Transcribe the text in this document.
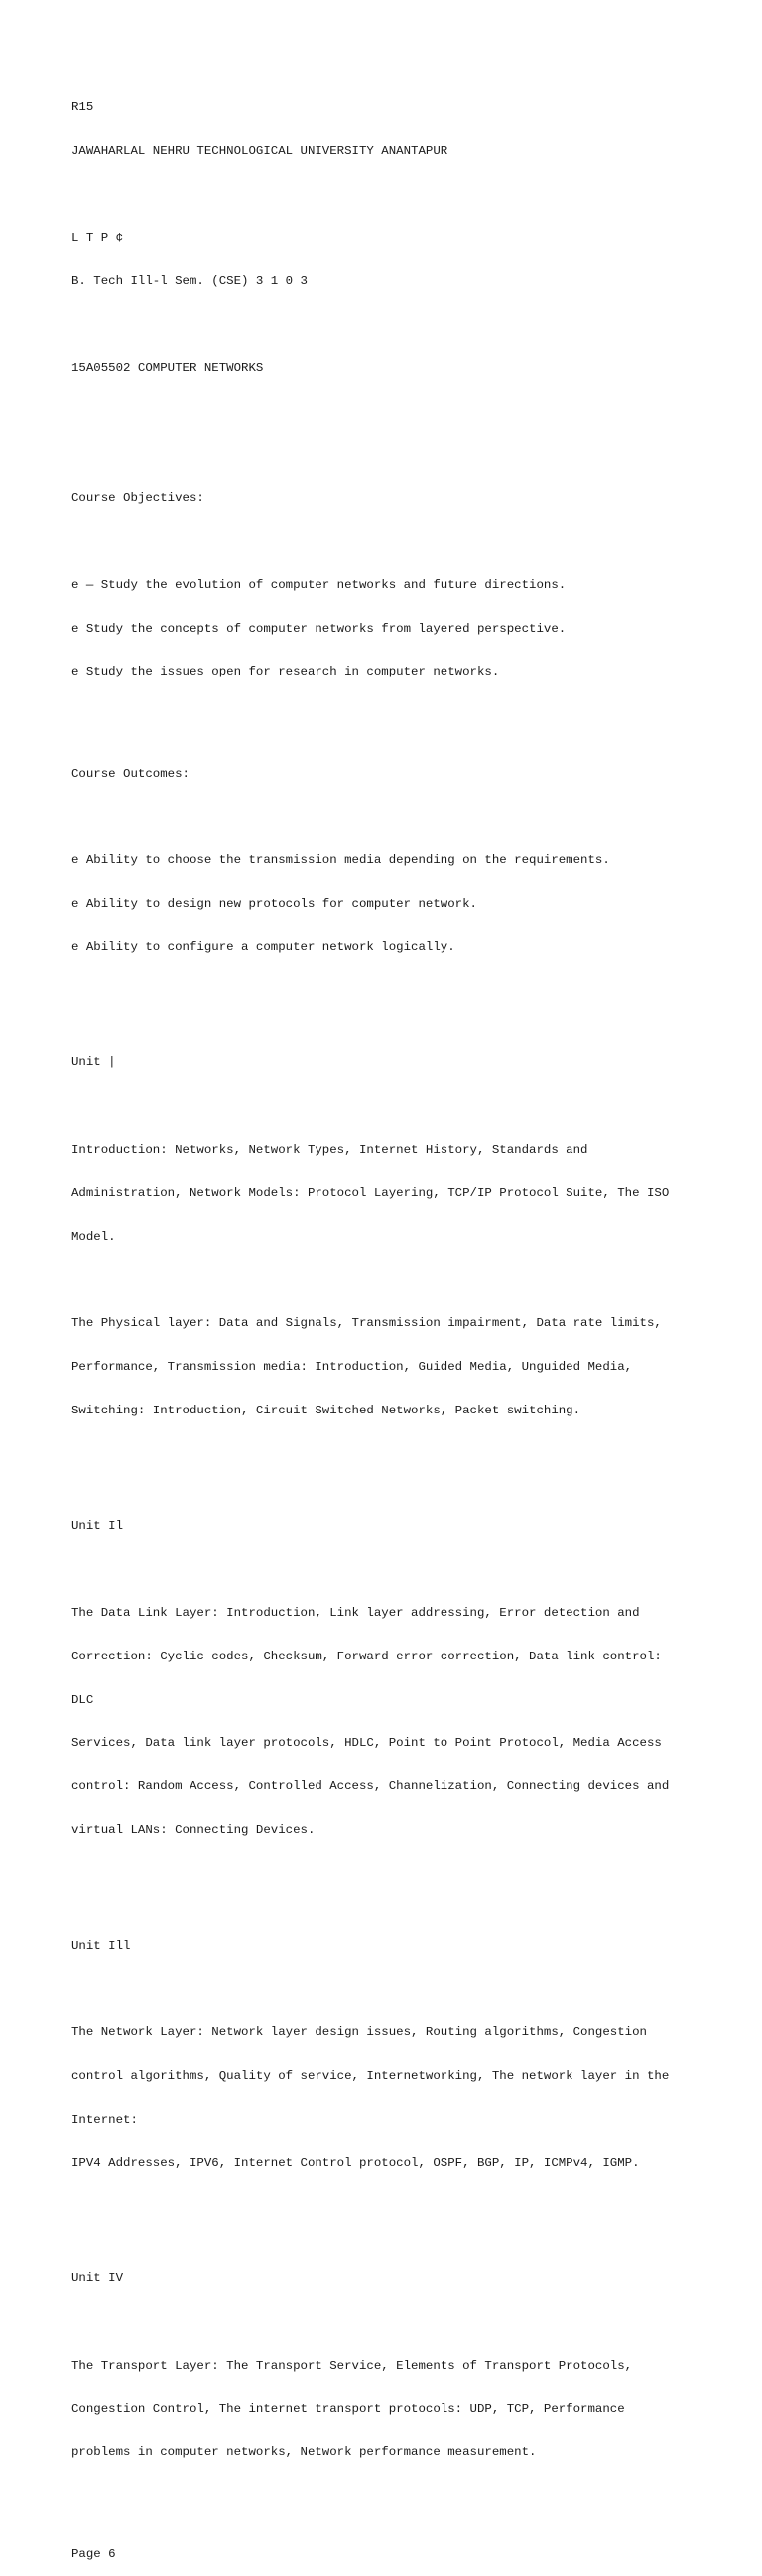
R15

JAWAHARLAL NEHRU TECHNOLOGICAL UNIVERSITY ANANTAPUR

L T P ¢

B. Tech Ill-l Sem. (CSE) 3 1 0 3

15A05502 COMPUTER NETWORKS

Course Objectives:

e — Study the evolution of computer networks and future directions.

e Study the concepts of computer networks from layered perspective.

e Study the issues open for research in computer networks.

Course Outcomes:

e Ability to choose the transmission media depending on the requirements.

e Ability to design new protocols for computer network.

e Ability to configure a computer network logically.

Unit |

Introduction: Networks, Network Types, Internet History, Standards and

Administration, Network Models: Protocol Layering, TCP/IP Protocol Suite, The ISO

Model.

The Physical layer: Data and Signals, Transmission impairment, Data rate limits,

Performance, Transmission media: Introduction, Guided Media, Unguided Media,

Switching: Introduction, Circuit Switched Networks, Packet switching.

Unit Il

The Data Link Layer: Introduction, Link layer addressing, Error detection and

Correction: Cyclic codes, Checksum, Forward error correction, Data link control:

DLC

Services, Data link layer protocols, HDLC, Point to Point Protocol, Media Access

control: Random Access, Controlled Access, Channelization, Connecting devices and

virtual LANs: Connecting Devices.

Unit Ill

The Network Layer: Network layer design issues, Routing algorithms, Congestion

control algorithms, Quality of service, Internetworking, The network layer in the

Internet:

IPV4 Addresses, IPV6, Internet Control protocol, OSPF, BGP, IP, ICMPv4, IGMP.

Unit IV

The Transport Layer: The Transport Service, Elements of Transport Protocols,

Congestion Control, The internet transport protocols: UDP, TCP, Performance

problems in computer networks, Network performance measurement.

Page 6
